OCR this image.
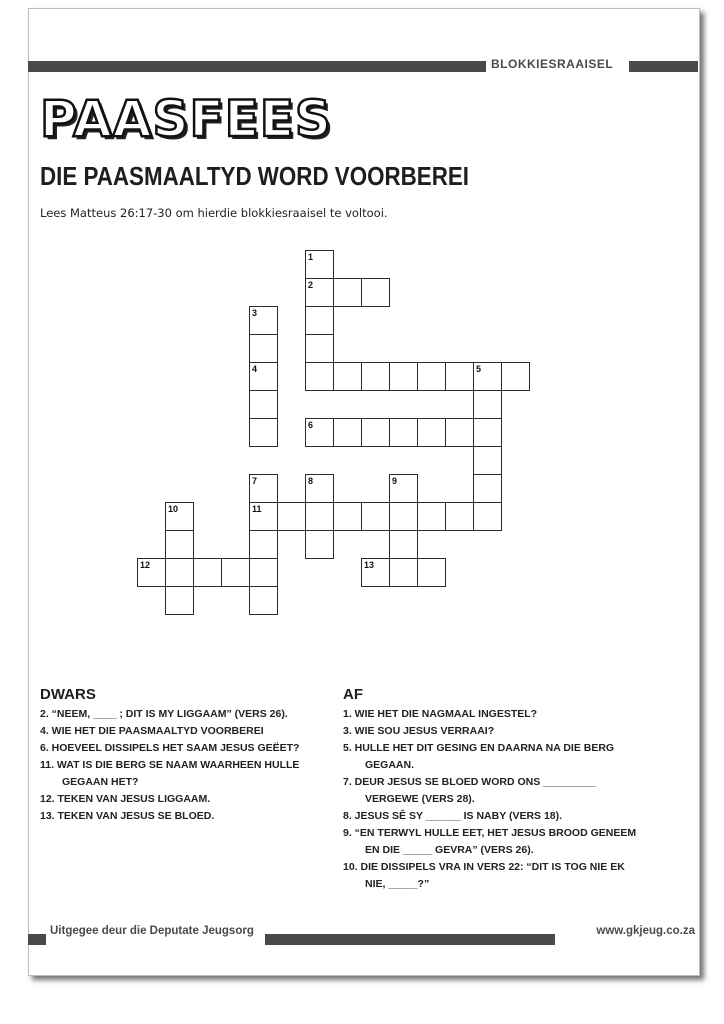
BLOKKIESRAAISEL
PAASFEES
DIE PAASMAALTYD WORD VOORBEREI

Lees Matteus 26:17-30 om hierdie blokkiesraaisel te voltooi.

1
2
5
3
4
6
11
7	8	9
13
10
12
DWARS
2. “NEEM, ____ ; DIT IS MY LIGGAAM” (VERS 26).
4. WIE HET DIE PAASMAALTYD VOORBEREI
6. HOEVEEL DISSIPELS HET SAAM JESUS GEËET?
11. WAT IS DIE BERG SE NAAM WAARHEEN HULLE GEGAAN HET?
12. TEKEN VAN JESUS LIGGAAM.
13. TEKEN VAN JESUS SE BLOED.
AF
1. WIE HET DIE NAGMAAL INGESTEL?
3. WIE SOU JESUS VERRAAI?
5. HULLE HET DIT GESING EN DAARNA NA DIE BERG GEGAAN.
7. DEUR JESUS SE BLOED WORD ONS _________ VERGEWE (VERS 28).
8. JESUS SÊ SY ______ IS NABY (VERS 18).
9. “EN TERWYL HULLE EET, HET JESUS BROOD GENEEM EN DIE _____ GEVRA” (VERS 26).
10. DIE DISSIPELS VRA IN VERS 22: “DIT IS TOG NIE EK NIE, _____?”
Uitgegee deur die Deputate Jeugsorg	www.gkjeug.co.za
